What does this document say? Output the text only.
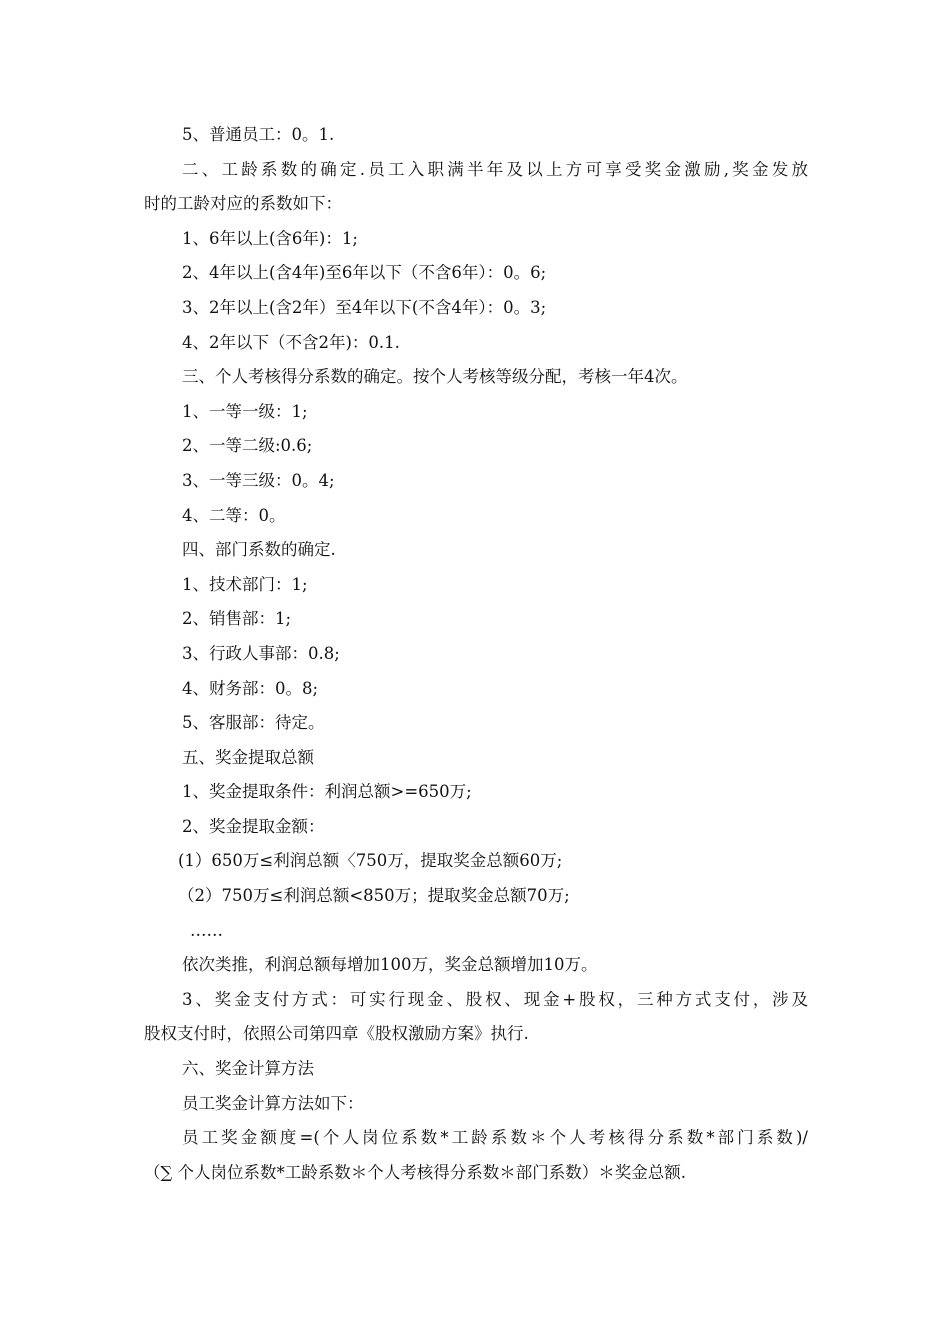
5、普通员工：0。1.
二、工龄系数的确定.员工入职满半年及以上方可享受奖金激励,奖金发放
时的工龄对应的系数如下：
1、6年以上(含6年)：1;
2、4年以上(含4年)至6年以下（不含6年）：0。6;
3、2年以上(含2年）至4年以下(不含4年）：0。3;
4、2年以下（不含2年)：0.1.
三、个人考核得分系数的确定。按个人考核等级分配，考核一年4次。
1、一等一级：1;
2、一等二级:0.6;
3、一等三级：0。4;
4、二等：0。
四、部门系数的确定.
1、技术部门：1;
2、销售部：1;
3、行政人事部：0.8;
4、财务部：0。8;
5、客服部：待定。
五、奖金提取总额
1、奖金提取条件：利润总额>=650万;
2、奖金提取金额：
(1）650万≤利润总额〈750万，提取奖金总额60万;
（2）750万≤利润总额<850万；提取奖金总额70万;
……
依次类推，利润总额每增加100万，奖金总额增加10万。
3、奖金支付方式：可实行现金、股权、现金+股权，三种方式支付，涉及
股权支付时，依照公司第四章《股权激励方案》执行.
六、奖金计算方法
员工奖金计算方法如下：
员工奖金额度=(个人岗位系数*工龄系数＊个人考核得分系数*部门系数)/
（∑ 个人岗位系数*工龄系数＊个人考核得分系数＊部门系数）＊奖金总额.
